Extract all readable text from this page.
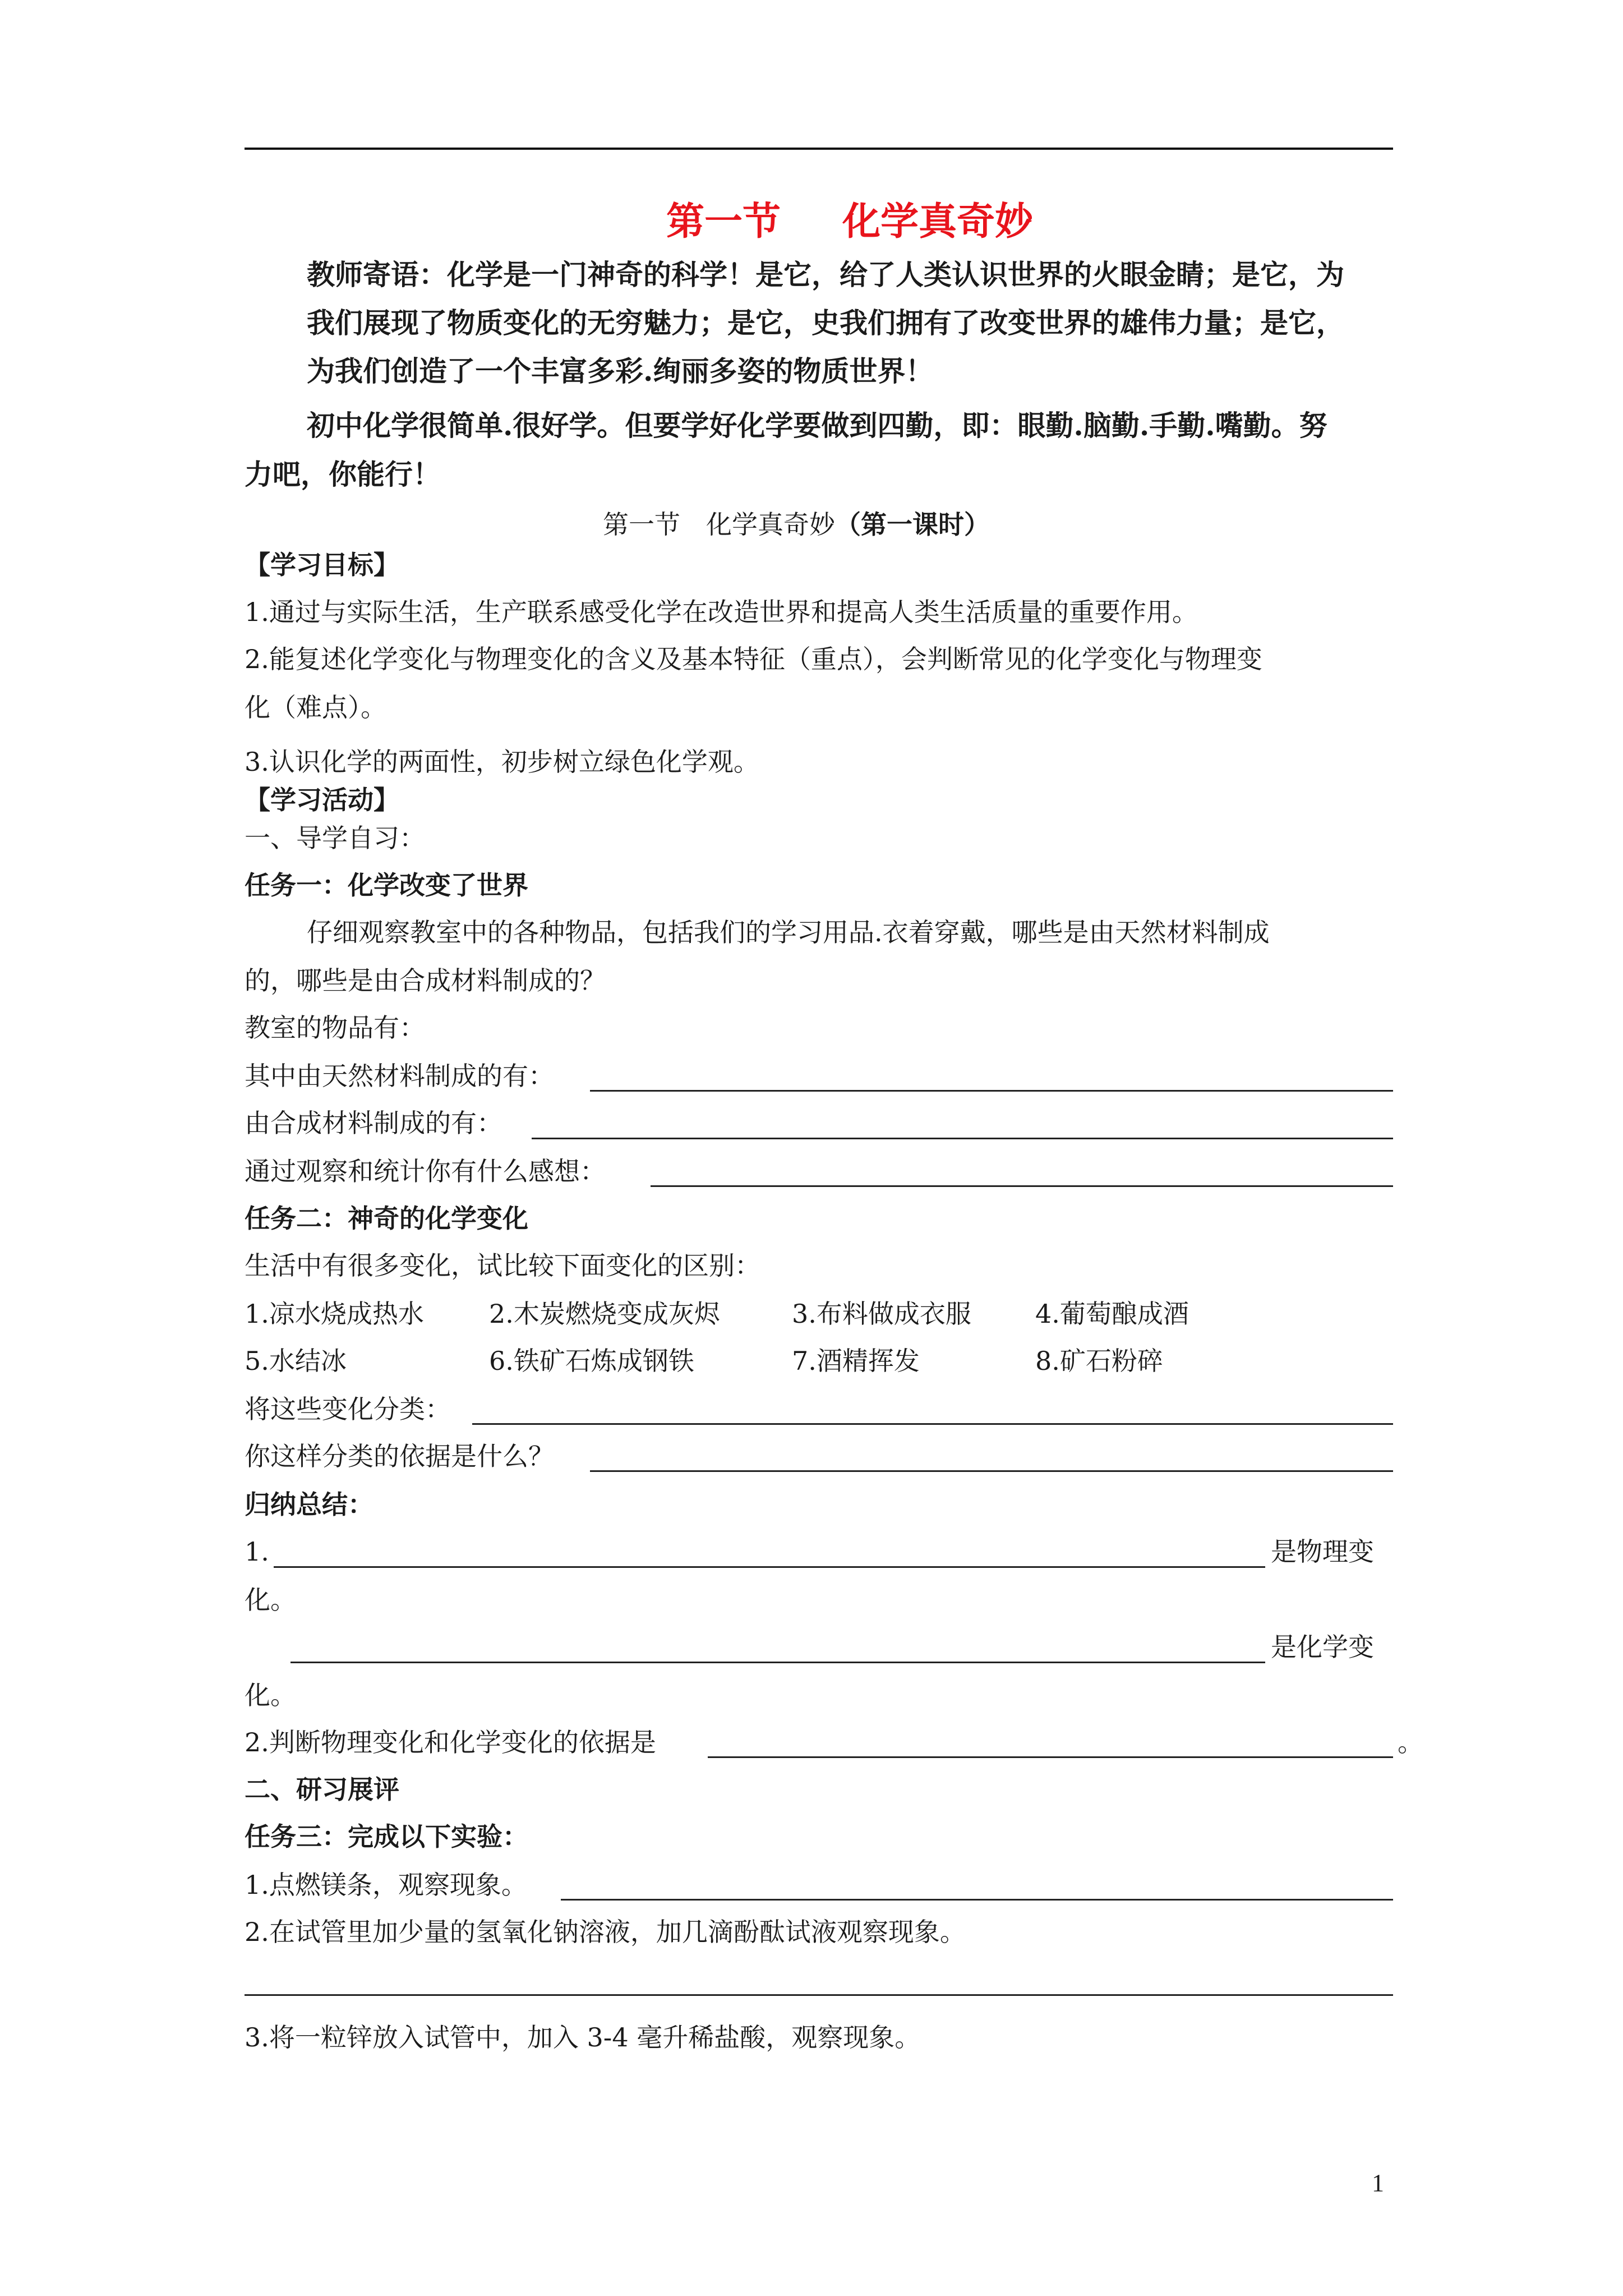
第一节 化学真奇妙
教师寄语：化学是一门神奇的科学！是它，给了人类认识世界的火眼金睛；是它，为
我们展现了物质变化的无穷魅力；是它，史我们拥有了改变世界的雄伟力量；是它，
为我们创造了一个丰富多彩.绚丽多姿的物质世界！
初中化学很简单.很好学。但要学好化学要做到四勤，即：眼勤.脑勤.手勤.嘴勤。努
力吧，你能行！
第一节　化学真奇妙（第一课时）
【学习目标】
1.通过与实际生活，生产联系感受化学在改造世界和提高人类生活质量的重要作用。
2.能复述化学变化与物理变化的含义及基本特征（重点），会判断常见的化学变化与物理变
化（难点）。
3.认识化学的两面性，初步树立绿色化学观。
【学习活动】
一、导学自习：
任务一：化学改变了世界
仔细观察教室中的各种物品，包括我们的学习用品.衣着穿戴，哪些是由天然材料制成
的，哪些是由合成材料制成的？
教室的物品有：
其中由天然材料制成的有：
由合成材料制成的有：
通过观察和统计你有什么感想：
任务二：神奇的化学变化
生活中有很多变化，试比较下面变化的区别：
1.凉水烧成热水	2.木炭燃烧变成灰烬	3.布料做成衣服 4.葡萄酿成酒
5.水结冰	6.铁矿石炼成钢铁	7.酒精挥发	8.矿石粉碎
将这些变化分类：
你这样分类的依据是什么？
归纳总结：
1.	是物理变
化。
是化学变
化。
2.判断物理变化和化学变化的依据是	。
二、研习展评
任务三：完成以下实验：
1.点燃镁条，观察现象。
2.在试管里加少量的氢氧化钠溶液，加几滴酚酞试液观察现象。
3.将一粒锌放入试管中，加入 3-4 毫升稀盐酸，观察现象。
1
